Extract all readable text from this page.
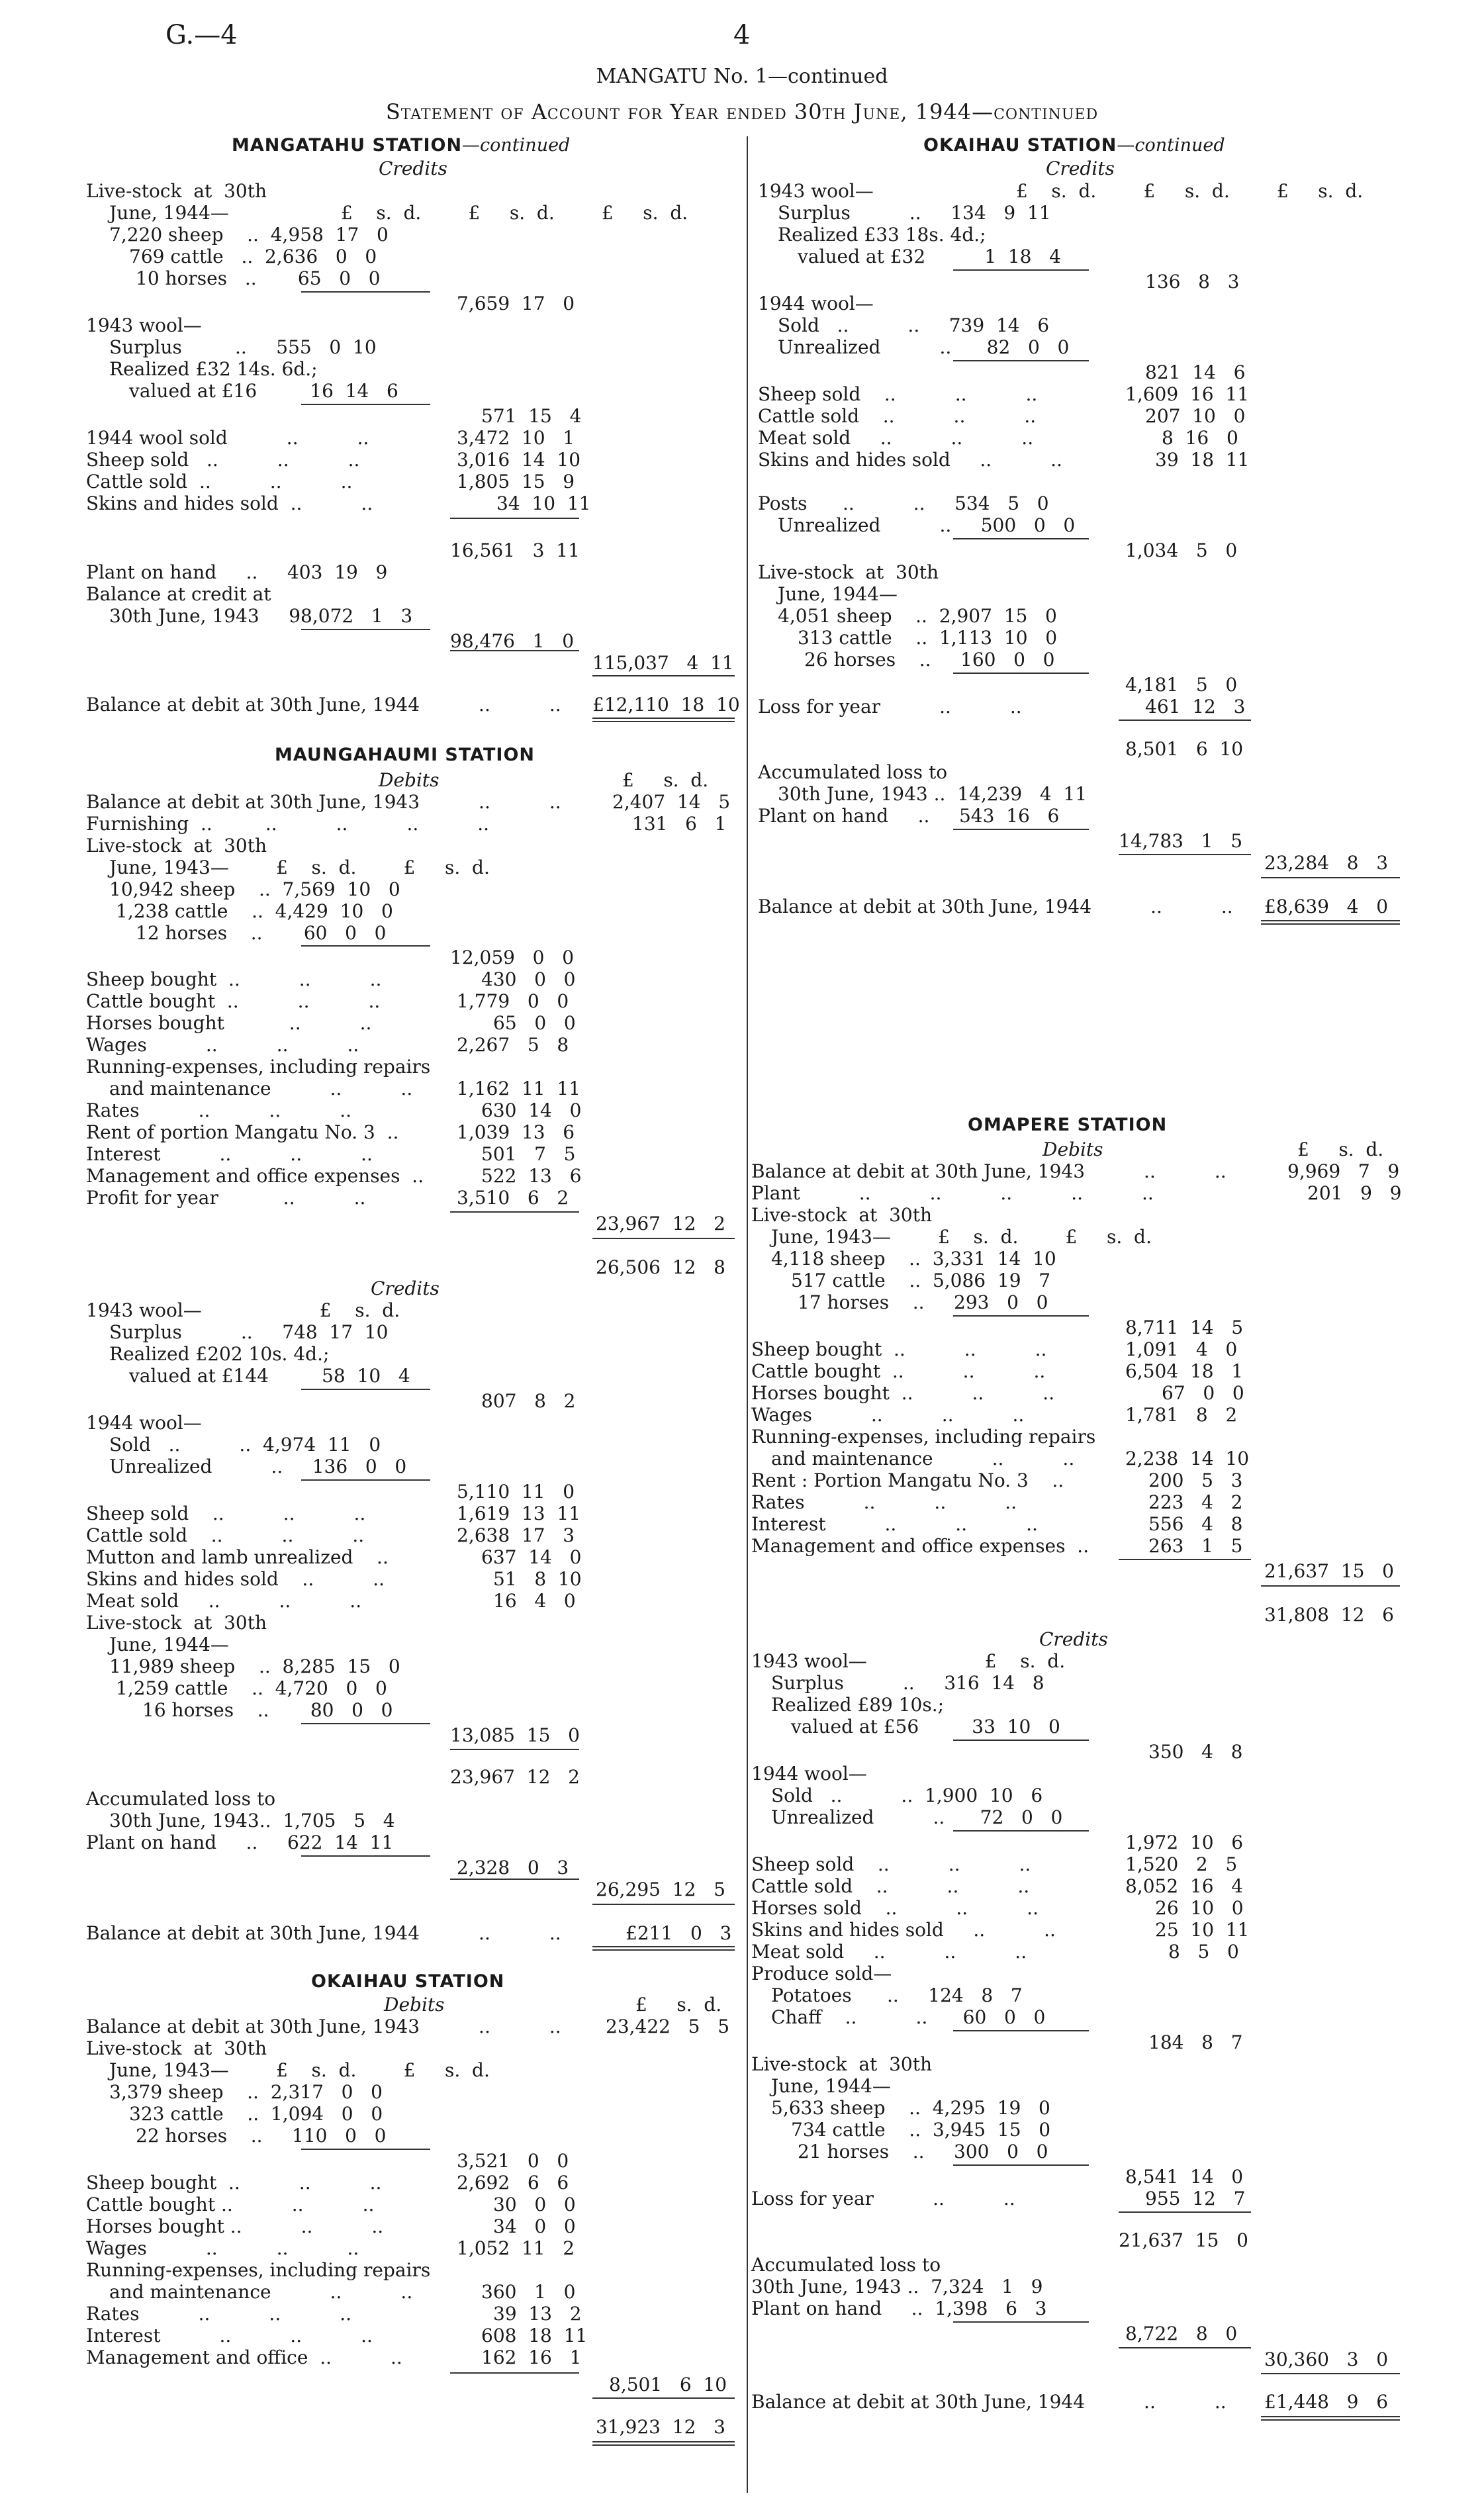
G.—4	4
MANGATU No. 1—continued
Statement of Account for Year ended 30th June, 1944—continued
MANGATAHU STATION—continued
Credits
£    s.  d.        £     s.  d.        £     s.  d.
Live-stock  at  30th
June, 1944—
7,220 sheep    ..  4,958  17   0
769 cattle   ..  2,636   0   0
10 horses   ..       65   0   0
7,659  17   0
1943 wool—
Surplus         ..     555   0  10
Realized £32 14s. 6d.;
valued at £16         16  14   6
571  15   4
1944 wool sold          ..          ..	3,472  10   1
Sheep sold   ..          ..          ..	3,016  14  10
Cattle sold  ..          ..          ..	1,805  15   9
Skins and hides sold  ..          ..	34  10  11
16,561   3  11
Plant on hand     ..     403  19   9
Balance at credit at
30th June, 1943     98,072   1   3
98,476   1   0
115,037   4  11
Balance at debit at 30th June, 1944          ..          .. £12,110  18  10
MAUNGAHAUMI STATION
Debits	£     s.  d.
Balance at debit at 30th June, 1943          ..          ..	2,407  14   5
Furnishing  ..         ..          ..          ..          ..	131   6   1
Live-stock  at  30th
June, 1943—        £    s.  d.        £     s.  d.
10,942 sheep    ..  7,569  10   0
1,238 cattle    ..  4,429  10   0
12 horses    ..       60   0   0
12,059   0   0
Sheep bought  ..          ..          ..	430   0   0
Cattle bought  ..          ..          ..	1,779   0   0
Horses bought           ..          ..	65   0   0
Wages          ..          ..          ..	2,267   5   8
Running-expenses, including repairs
and maintenance          ..          .. 1,162  11  11
Rates          ..          ..          ..	630  14   0
Rent of portion Mangatu No. 3  ..	1,039  13   6
Interest          ..          ..          ..	501   7   5
Management and office expenses  ..	522  13   6
Profit for year           ..          ..	3,510   6   2
23,967  12   2
26,506  12   8
Credits
1943 wool—                    £    s.  d.
Surplus          ..     748  17  10
Realized £202 10s. 4d.;
valued at £144         58  10   4
807   8   2
1944 wool—
Sold   ..          ..  4,974  11   0
Unrealized          ..     136   0   0
5,110  11   0
Sheep sold    ..          ..          ..	1,619  13  11
Cattle sold    ..          ..          ..	2,638  17   3
Mutton and lamb unrealized    ..	637  14   0
Skins and hides sold    ..          ..	51   8  10
Meat sold     ..          ..          ..	16   4   0
Live-stock  at  30th
June, 1944—
11,989 sheep    ..  8,285  15   0
1,259 cattle    ..  4,720   0   0
16 horses    ..       80   0   0
13,085  15   0
23,967  12   2
Accumulated loss to
30th June, 1943..  1,705   5   4
Plant on hand     ..     622  14  11
2,328   0   3
26,295  12   5
Balance at debit at 30th June, 1944          ..          ..	£211   0   3
OKAIHAU STATION
Debits	£     s.  d.
Balance at debit at 30th June, 1943          ..          .. 23,422   5   5
Live-stock  at  30th
June, 1943—        £    s.  d.        £     s.  d.
3,379 sheep    ..  2,317   0   0
323 cattle    ..  1,094   0   0
22 horses    ..     110   0   0
3,521   0   0
Sheep bought  ..          ..          ..	2,692   6   6
Cattle bought ..          ..          ..	30   0   0
Horses bought ..          ..          ..	34   0   0
Wages          ..          ..          ..	1,052  11   2
Running-expenses, including repairs
and maintenance          ..          ..	360   1   0
Rates          ..          ..          ..	39  13   2
Interest          ..          ..          ..	608  18  11
Management and office  ..          ..	162  16   1
8,501   6  10
31,923  12   3
OKAIHAU STATION—continued
Credits
£    s.  d.        £     s.  d.        £     s.  d.
1943 wool—
Surplus          ..     134   9  11
Realized £33 18s. 4d.;
valued at £32          1  18   4
136   8   3
1944 wool—
Sold   ..          ..     739  14   6
Unrealized          ..      82   0   0
821  14   6
Sheep sold    ..          ..          ..	1,609  16  11
Cattle sold    ..          ..          ..	207  10   0
Meat sold     ..          ..          ..	8  16   0
Skins and hides sold     ..          ..	39  18  11
Posts      ..          ..     534   5   0
Unrealized          ..     500   0   0
1,034   5   0
Live-stock  at  30th
June, 1944—
4,051 sheep    ..  2,907  15   0
313 cattle    ..  1,113  10   0
26 horses    ..     160   0   0
4,181   5   0
Loss for year          ..          ..	461  12   3
8,501   6  10
Accumulated loss to
30th June, 1943 ..  14,239   4  11
Plant on hand     ..     543  16   6
14,783   1   5
23,284   8   3
Balance at debit at 30th June, 1944          ..          .. £8,639   4   0
OMAPERE STATION
Debits	£     s.  d.
Balance at debit at 30th June, 1943          ..          ..	9,969   7   9
Plant          ..          ..          ..          ..          ..	201   9   9
Live-stock  at  30th
June, 1943—        £    s.  d.        £     s.  d.
4,118 sheep    ..  3,331  14  10
517 cattle    ..  5,086  19   7
17 horses    ..     293   0   0
8,711  14   5
Sheep bought  ..          ..          ..	1,091   4   0
Cattle bought  ..          ..          ..	6,504  18   1
Horses bought  ..          ..          ..	67   0   0
Wages          ..          ..          ..	1,781   8   2
Running-expenses, including repairs
and maintenance          ..          ..	2,238  14  10
Rent : Portion Mangatu No. 3    ..	200   5   3
Rates          ..          ..          ..	223   4   2
Interest          ..          ..          ..	556   4   8
Management and office expenses  ..	263   1   5
21,637  15   0
31,808  12   6
Credits
1943 wool—                    £    s.  d.
Surplus          ..     316  14   8
Realized £89 10s.;
valued at £56         33  10   0
350   4   8
1944 wool—
Sold   ..          ..  1,900  10   6
Unrealized          ..      72   0   0
1,972  10   6
Sheep sold    ..          ..          ..	1,520   2   5
Cattle sold    ..          ..          ..	8,052  16   4
Horses sold    ..          ..          ..	26  10   0
Skins and hides sold     ..          ..	25  10  11
Meat sold     ..          ..          ..	8   5   0
Produce sold—
Potatoes      ..     124   8   7
Chaff    ..          ..      60   0   0
184   8   7
Live-stock  at  30th
June, 1944—
5,633 sheep    ..  4,295  19   0
734 cattle    ..  3,945  15   0
21 horses    ..     300   0   0
8,541  14   0
Loss for year          ..          ..	955  12   7
21,637  15   0
Accumulated loss to
30th June, 1943 ..  7,324   1   9
Plant on hand     ..  1,398   6   3
8,722   8   0
30,360   3   0
Balance at debit at 30th June, 1944          ..          .. £1,448   9   6
